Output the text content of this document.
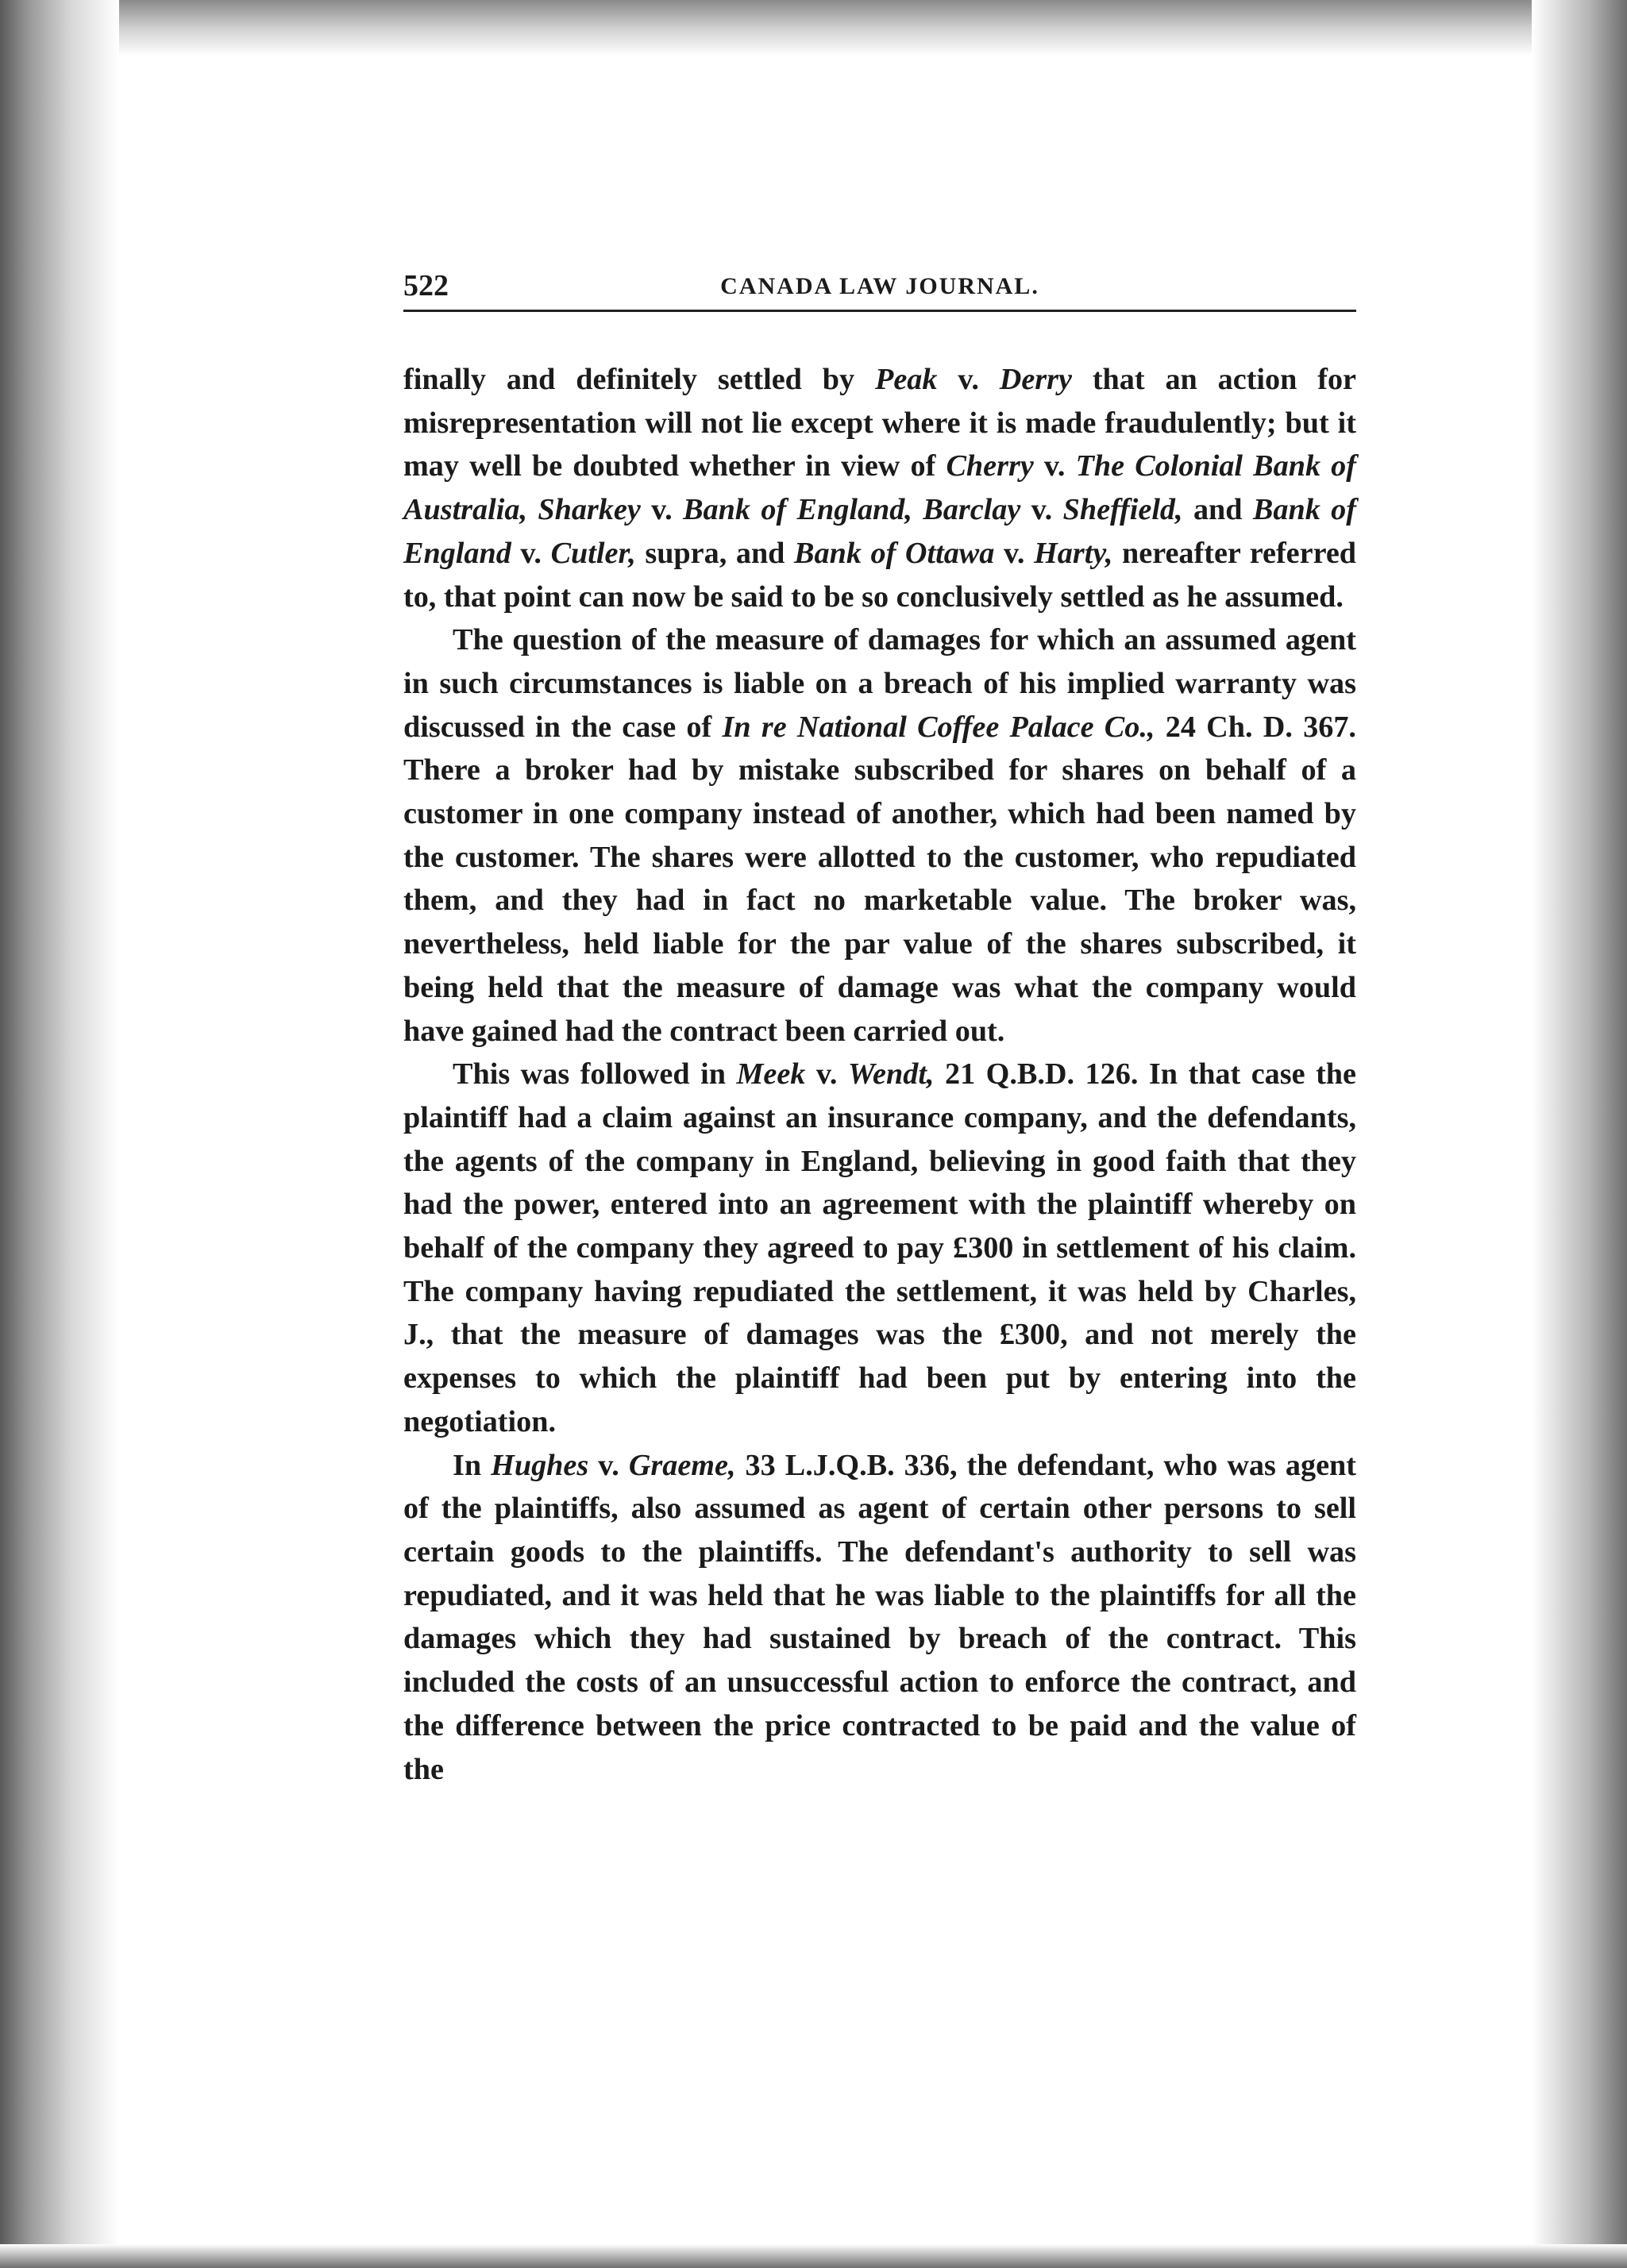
522	CANADA LAW JOURNAL.

finally and definitely settled by Peak v. Derry that an action for misrepresentation will not lie except where it is made fraudulently; but it may well be doubted whether in view of Cherry v. The Colonial Bank of Australia, Sharkey v. Bank of England, Barclay v. Sheffield, and Bank of England v. Cutler, supra, and Bank of Ottawa v. Harty, nereafter referred to, that point can now be said to be so conclusively settled as he assumed.

The question of the measure of damages for which an assumed agent in such circumstances is liable on a breach of his implied warranty was discussed in the case of In re National Coffee Palace Co., 24 Ch. D. 367. There a broker had by mistake subscribed for shares on behalf of a customer in one company instead of another, which had been named by the customer. The shares were allotted to the customer, who repudiated them, and they had in fact no marketable value. The broker was, nevertheless, held liable for the par value of the shares subscribed, it being held that the measure of damage was what the company would have gained had the contract been carried out.

This was followed in Meek v. Wendt, 21 Q.B.D. 126. In that case the plaintiff had a claim against an insurance company, and the defendants, the agents of the company in England, believing in good faith that they had the power, entered into an agreement with the plaintiff whereby on behalf of the company they agreed to pay £300 in settlement of his claim. The company having repudiated the settlement, it was held by Charles, J., that the measure of damages was the £300, and not merely the expenses to which the plaintiff had been put by entering into the negotiation.

In Hughes v. Graeme, 33 L.J.Q.B. 336, the defendant, who was agent of the plaintiffs, also assumed as agent of certain other persons to sell certain goods to the plaintiffs. The defendant's authority to sell was repudiated, and it was held that he was liable to the plaintiffs for all the damages which they had sustained by breach of the contract. This included the costs of an unsuccessful action to enforce the contract, and the difference between the price contracted to be paid and the value of the
